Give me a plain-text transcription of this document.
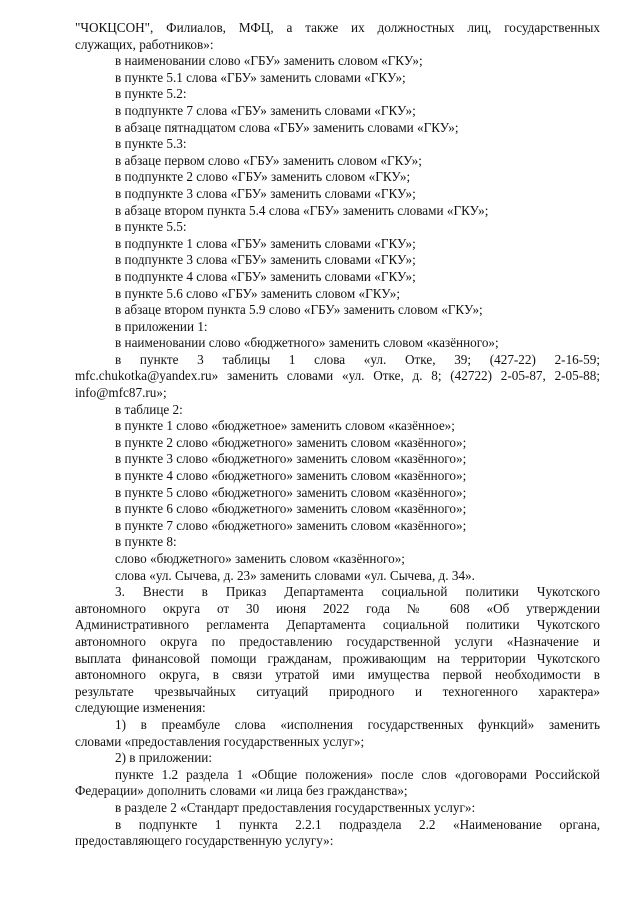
"ЧОКЦСОН", Филиалов, МФЦ, а также их должностных лиц, государственных
служащих, работников»:
в наименовании слово «ГБУ» заменить словом «ГКУ»;
в пункте 5.1 слова «ГБУ» заменить словами «ГКУ»;
в пункте 5.2:
в подпункте 7 слова «ГБУ» заменить словами «ГКУ»;
в абзаце пятнадцатом слова «ГБУ» заменить словами «ГКУ»;
в пункте 5.3:
в абзаце первом слово «ГБУ» заменить словом «ГКУ»;
в подпункте 2 слово «ГБУ» заменить словом «ГКУ»;
в подпункте 3 слова «ГБУ» заменить словами «ГКУ»;
в абзаце втором пункта 5.4 слова «ГБУ» заменить словами «ГКУ»;
в пункте 5.5:
в подпункте 1 слова «ГБУ» заменить словами «ГКУ»;
в подпункте 3 слова «ГБУ» заменить словами «ГКУ»;
в подпункте 4 слова «ГБУ» заменить словами «ГКУ»;
в пункте 5.6 слово «ГБУ» заменить словом «ГКУ»;
в абзаце втором пункта 5.9 слово «ГБУ» заменить словом «ГКУ»;
в приложении 1:
в наименовании слово «бюджетного» заменить словом «казённого»;
в пункте 3 таблицы 1 слова «ул. Отке, 39; (427-22) 2-16-59;
mfc.chukotka@yandex.ru» заменить словами «ул. Отке, д. 8; (42722) 2-05-87, 2-05-88;
info@mfc87.ru»;
в таблице 2:
в пункте 1 слово «бюджетное» заменить словом «казённое»;
в пункте 2 слово «бюджетного» заменить словом «казённого»;
в пункте 3 слово «бюджетного» заменить словом «казённого»;
в пункте 4 слово «бюджетного» заменить словом «казённого»;
в пункте 5 слово «бюджетного» заменить словом «казённого»;
в пункте 6 слово «бюджетного» заменить словом «казённого»;
в пункте 7 слово «бюджетного» заменить словом «казённого»;
в пункте 8:
слово «бюджетного» заменить словом «казённого»;
слова «ул. Сычева, д. 23» заменить словами «ул. Сычева, д. 34».
3. Внести в Приказ Департамента социальной политики Чукотского
автономного округа от 30 июня 2022 года № 608 «Об утверждении
Административного регламента Департамента социальной политики Чукотского
автономного округа по предоставлению государственной услуги «Назначение и
выплата финансовой помощи гражданам, проживающим на территории Чукотского
автономного округа, в связи утратой ими имущества первой необходимости в
результате чрезвычайных ситуаций природного и техногенного характера»
следующие изменения:
1) в преамбуле слова «исполнения государственных функций» заменить
словами «предоставления государственных услуг»;
2) в приложении:
пункте 1.2 раздела 1 «Общие положения» после слов «договорами Российской
Федерации» дополнить словами «и лица без гражданства»;
в разделе 2 «Стандарт предоставления государственных услуг»:
в подпункте 1 пункта 2.2.1 подраздела 2.2 «Наименование органа,
предоставляющего государственную услугу»:
